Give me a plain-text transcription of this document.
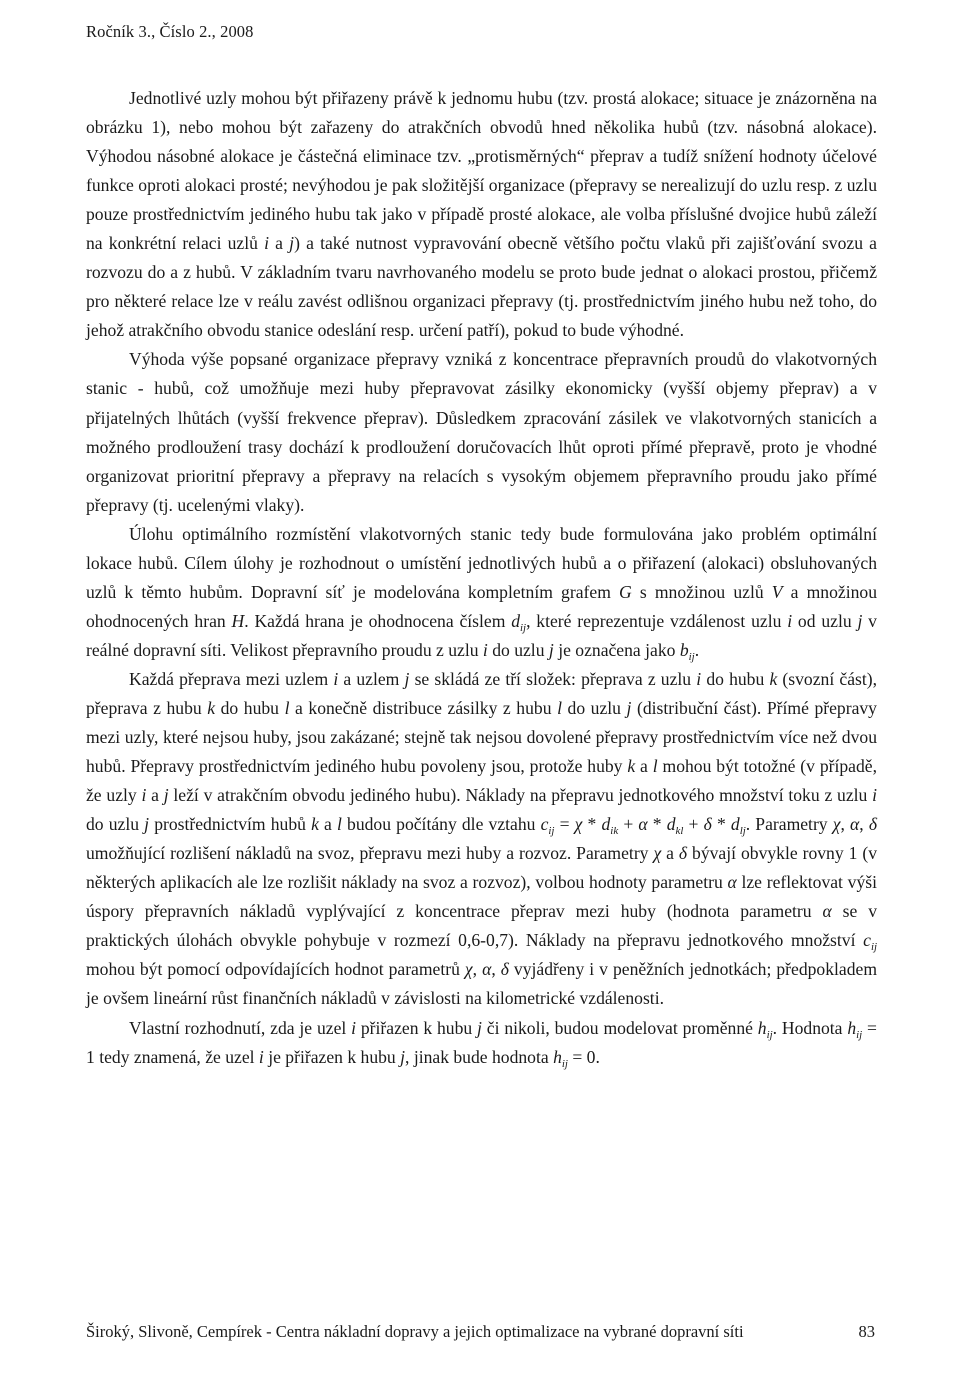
Ročník 3., Číslo 2., 2008

Jednotlivé uzly mohou být přiřazeny právě k jednomu hubu (tzv. prostá alokace; situace je znázorněna na obrázku 1), nebo mohou být zařazeny do atrakčních obvodů hned několika hubů (tzv. násobná alokace). Výhodou násobné alokace je částečná eliminace tzv. „protisměrných“ přeprav a tudíž snížení hodnoty účelové funkce oproti alokaci prosté; nevýhodou je pak složitější organizace (přepravy se nerealizují do uzlu resp. z uzlu pouze prostřednictvím jediného hubu tak jako v případě prosté alokace, ale volba příslušné dvojice hubů záleží na konkrétní relaci uzlů i a j) a také nutnost vypravování obecně většího počtu vlaků při zajišťování svozu a rozvozu do a z hubů. V základním tvaru navrhovaného modelu se proto bude jednat o alokaci prostou, přičemž pro některé relace lze v reálu zavést odlišnou organizaci přepravy (tj. prostřednictvím jiného hubu než toho, do jehož atrakčního obvodu stanice odeslání resp. určení patří), pokud to bude výhodné.

Výhoda výše popsané organizace přepravy vzniká z koncentrace přepravních proudů do vlakotvorných stanic - hubů, což umožňuje mezi huby přepravovat zásilky ekonomicky (vyšší objemy přeprav) a v přijatelných lhůtách (vyšší frekvence přeprav). Důsledkem zpracování zásilek ve vlakotvorných stanicích a možného prodloužení trasy dochází k prodloužení doručovacích lhůt oproti přímé přepravě, proto je vhodné organizovat prioritní přepravy a přepravy na relacích s vysokým objemem přepravního proudu jako přímé přepravy (tj. ucelenými vlaky).

Úlohu optimálního rozmístění vlakotvorných stanic tedy bude formulována jako problém optimální lokace hubů. Cílem úlohy je rozhodnout o umístění jednotlivých hubů a o přiřazení (alokaci) obsluhovaných uzlů k těmto hubům. Dopravní síť je modelována kompletním grafem G s množinou uzlů V a množinou ohodnocených hran H. Každá hrana je ohodnocena číslem $d_{ij}$, které reprezentuje vzdálenost uzlu i od uzlu j v reálné dopravní síti. Velikost přepravního proudu z uzlu i do uzlu j je označena jako $b_{ij}$.

Každá přeprava mezi uzlem i a uzlem j se skládá ze tří složek: přeprava z uzlu i do hubu k (svozní část), přeprava z hubu k do hubu l a konečně distribuce zásilky z hubu l do uzlu j (distribuční část). Přímé přepravy mezi uzly, které nejsou huby, jsou zakázané; stejně tak nejsou dovolené přepravy prostřednictvím více než dvou hubů. Přepravy prostřednictvím jediného hubu povoleny jsou, protože huby k a l mohou být totožné (v případě, že uzly i a j leží v atrakčním obvodu jediného hubu). Náklady na přepravu jednotkového množství toku z uzlu i do uzlu j prostřednictvím hubů k a l budou počítány dle vztahu $c_{ij} = \chi * d_{ik} + \alpha * d_{kl} + \delta * d_{lj}$. Parametry χ, α, δ umožňující rozlišení nákladů na svoz, přepravu mezi huby a rozvoz. Parametry χ a δ bývají obvykle rovny 1 (v některých aplikacích ale lze rozlišit náklady na svoz a rozvoz), volbou hodnoty parametru α lze reflektovat výši úspory přepravních nákladů vyplývající z koncentrace přeprav mezi huby (hodnota parametru α se v praktických úlohách obvykle pohybuje v rozmezí 0,6-0,7). Náklady na přepravu jednotkového množství $c_{ij}$ mohou být pomocí odpovídajících hodnot parametrů χ, α, δ vyjádřeny i v peněžních jednotkách; předpokladem je ovšem lineární růst finančních nákladů v závislosti na kilometrické vzdálenosti.

Vlastní rozhodnutí, zda je uzel i přiřazen k hubu j či nikoli, budou modelovat proměnné $h_{ij}$. Hodnota $h_{ij} = 1$ tedy znamená, že uzel i je přiřazen k hubu j, jinak bude hodnota $h_{ij} = 0$.

Široký, Slivoně, Cempírek - Centra nákladní dopravy a jejich optimalizace na vybrané dopravní síti	83
